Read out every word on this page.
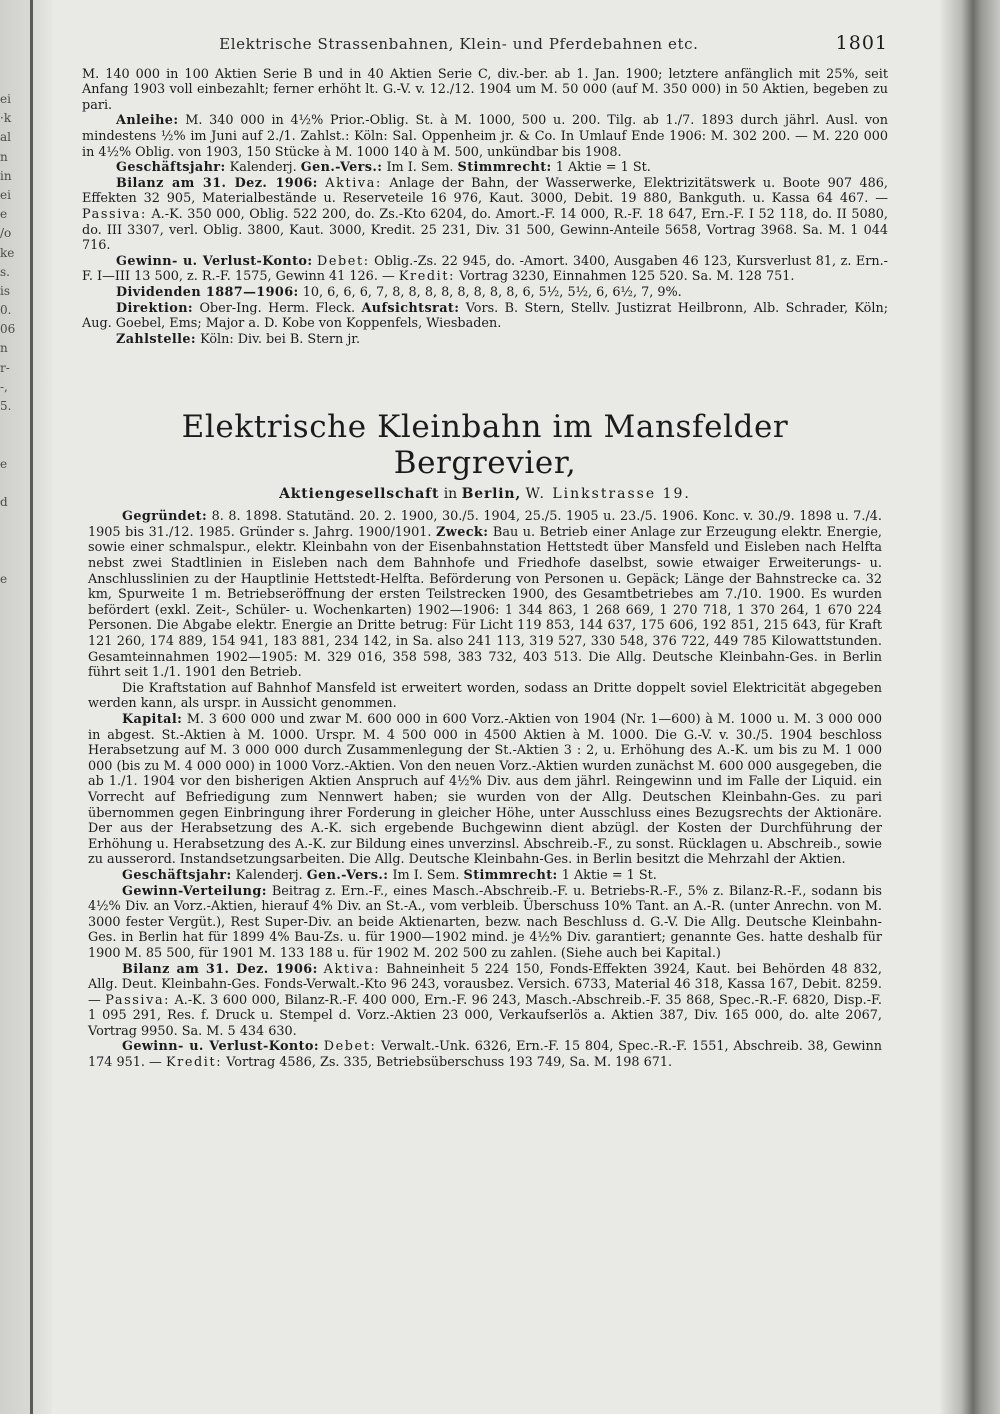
ei
·k
al
n
in
ei
e
/o
ke
s.
is
0.
06
n
r-
-,
5.
e
d
e
Elektrische Strassenbahnen, Klein- und Pferdebahnen etc.	1801

M. 140 000 in 100 Aktien Serie B und in 40 Aktien Serie C, div.-ber. ab 1. Jan. 1900; letztere anfänglich mit 25%, seit Anfang 1903 voll einbezahlt; ferner erhöht lt. G.-V. v. 12./12. 1904 um M. 50 000 (auf M. 350 000) in 50 Aktien, begeben zu pari.

Anleihe: M. 340 000 in 4½% Prior.-Oblig. St. à M. 1000, 500 u. 200. Tilg. ab 1./7. 1893 durch jährl. Ausl. von mindestens ½% im Juni auf 2./1. Zahlst.: Köln: Sal. Oppenheim jr. & Co. In Umlauf Ende 1906: M. 302 200. — M. 220 000 in 4½% Oblig. von 1903, 150 Stücke à M. 1000 140 à M. 500, unkündbar bis 1908.

Geschäftsjahr: Kalenderj. Gen.-Vers.: Im I. Sem. Stimmrecht: 1 Aktie = 1 St.

Bilanz am 31. Dez. 1906: Aktiva: Anlage der Bahn, der Wasserwerke, Elektrizitätswerk u. Boote 907 486, Effekten 32 905, Materialbestände u. Reserveteile 16 976, Kaut. 3000, Debit. 19 880, Bankguth. u. Kassa 64 467. — Passiva: A.-K. 350 000, Oblig. 522 200, do. Zs.-Kto 6204, do. Amort.-F. 14 000, R.-F. 18 647, Ern.-F. I 52 118, do. II 5080, do. III 3307, verl. Oblig. 3800, Kaut. 3000, Kredit. 25 231, Div. 31 500, Gewinn-Anteile 5658, Vortrag 3968. Sa. M. 1 044 716.

Gewinn- u. Verlust-Konto: Debet: Oblig.-Zs. 22 945, do. -Amort. 3400, Ausgaben 46 123, Kursverlust 81, z. Ern.-F. I—III 13 500, z. R.-F. 1575, Gewinn 41 126. — Kredit: Vortrag 3230, Einnahmen 125 520. Sa. M. 128 751.

Dividenden 1887—1906: 10, 6, 6, 6, 7, 8, 8, 8, 8, 8, 8, 8, 8, 6, 5½, 5½, 6, 6½, 7, 9%.

Direktion: Ober-Ing. Herm. Fleck. Aufsichtsrat: Vors. B. Stern, Stellv. Justizrat Heilbronn, Alb. Schrader, Köln; Aug. Goebel, Ems; Major a. D. Kobe von Koppenfels, Wiesbaden.

Zahlstelle: Köln: Div. bei B. Stern jr.

Elektrische Kleinbahn im Mansfelder Bergrevier,
Aktiengesellschaft in Berlin, W. Linkstrasse 19.

Gegründet: 8. 8. 1898. Statutänd. 20. 2. 1900, 30./5. 1904, 25./5. 1905 u. 23./5. 1906. Konc. v. 30./9. 1898 u. 7./4. 1905 bis 31./12. 1985. Gründer s. Jahrg. 1900/1901. Zweck: Bau u. Betrieb einer Anlage zur Erzeugung elektr. Energie, sowie einer schmalspur., elektr. Kleinbahn von der Eisenbahnstation Hettstedt über Mansfeld und Eisleben nach Helfta nebst zwei Stadtlinien in Eisleben nach dem Bahnhofe und Friedhofe daselbst, sowie etwaiger Erweiterungs- u. Anschlusslinien zu der Hauptlinie Hettstedt-Helfta. Beförderung von Personen u. Gepäck; Länge der Bahnstrecke ca. 32 km, Spurweite 1 m. Betriebseröffnung der ersten Teilstrecken 1900, des Gesamtbetriebes am 7./10. 1900. Es wurden befördert (exkl. Zeit-, Schüler- u. Wochenkarten) 1902—1906: 1 344 863, 1 268 669, 1 270 718, 1 370 264, 1 670 224 Personen. Die Abgabe elektr. Energie an Dritte betrug: Für Licht 119 853, 144 637, 175 606, 192 851, 215 643, für Kraft 121 260, 174 889, 154 941, 183 881, 234 142, in Sa. also 241 113, 319 527, 330 548, 376 722, 449 785 Kilowattstunden. Gesamteinnahmen 1902—1905: M. 329 016, 358 598, 383 732, 403 513. Die Allg. Deutsche Kleinbahn-Ges. in Berlin führt seit 1./1. 1901 den Betrieb.

Die Kraftstation auf Bahnhof Mansfeld ist erweitert worden, sodass an Dritte doppelt soviel Elektricität abgegeben werden kann, als urspr. in Aussicht genommen.

Kapital: M. 3 600 000 und zwar M. 600 000 in 600 Vorz.-Aktien von 1904 (Nr. 1—600) à M. 1000 u. M. 3 000 000 in abgest. St.-Aktien à M. 1000. Urspr. M. 4 500 000 in 4500 Aktien à M. 1000. Die G.-V. v. 30./5. 1904 beschloss Herabsetzung auf M. 3 000 000 durch Zusammenlegung der St.-Aktien 3 : 2, u. Erhöhung des A.-K. um bis zu M. 1 000 000 (bis zu M. 4 000 000) in 1000 Vorz.-Aktien. Von den neuen Vorz.-Aktien wurden zunächst M. 600 000 ausgegeben, die ab 1./1. 1904 vor den bisherigen Aktien Anspruch auf 4½% Div. aus dem jährl. Reingewinn und im Falle der Liquid. ein Vorrecht auf Befriedigung zum Nennwert haben; sie wurden von der Allg. Deutschen Kleinbahn-Ges. zu pari übernommen gegen Einbringung ihrer Forderung in gleicher Höhe, unter Ausschluss eines Bezugsrechts der Aktionäre. Der aus der Herabsetzung des A.-K. sich ergebende Buchgewinn dient abzügl. der Kosten der Durchführung der Erhöhung u. Herabsetzung des A.-K. zur Bildung eines unverzinsl. Abschreib.-F., zu sonst. Rücklagen u. Abschreib., sowie zu ausserord. Instandsetzungsarbeiten. Die Allg. Deutsche Kleinbahn-Ges. in Berlin besitzt die Mehrzahl der Aktien.

Geschäftsjahr: Kalenderj. Gen.-Vers.: Im I. Sem. Stimmrecht: 1 Aktie = 1 St.

Gewinn-Verteilung: Beitrag z. Ern.-F., eines Masch.-Abschreib.-F. u. Betriebs-R.-F., 5% z. Bilanz-R.-F., sodann bis 4½% Div. an Vorz.-Aktien, hierauf 4% Div. an St.-A., vom verbleib. Überschuss 10% Tant. an A.-R. (unter Anrechn. von M. 3000 fester Vergüt.), Rest Super-Div. an beide Aktienarten, bezw. nach Beschluss d. G.-V. Die Allg. Deutsche Kleinbahn-Ges. in Berlin hat für 1899 4% Bau-Zs. u. für 1900—1902 mind. je 4½% Div. garantiert; genannte Ges. hatte deshalb für 1900 M. 85 500, für 1901 M. 133 188 u. für 1902 M. 202 500 zu zahlen. (Siehe auch bei Kapital.)

Bilanz am 31. Dez. 1906: Aktiva: Bahneinheit 5 224 150, Fonds-Effekten 3924, Kaut. bei Behörden 48 832, Allg. Deut. Kleinbahn-Ges. Fonds-Verwalt.-Kto 96 243, vorausbez. Versich. 6733, Material 46 318, Kassa 167, Debit. 8259. — Passiva: A.-K. 3 600 000, Bilanz-R.-F. 400 000, Ern.-F. 96 243, Masch.-Abschreib.-F. 35 868, Spec.-R.-F. 6820, Disp.-F. 1 095 291, Res. f. Druck u. Stempel d. Vorz.-Aktien 23 000, Verkaufserlös a. Aktien 387, Div. 165 000, do. alte 2067, Vortrag 9950. Sa. M. 5 434 630.

Gewinn- u. Verlust-Konto: Debet: Verwalt.-Unk. 6326, Ern.-F. 15 804, Spec.-R.-F. 1551, Abschreib. 38, Gewinn 174 951. — Kredit: Vortrag 4586, Zs. 335, Betriebsüberschuss 193 749, Sa. M. 198 671.
